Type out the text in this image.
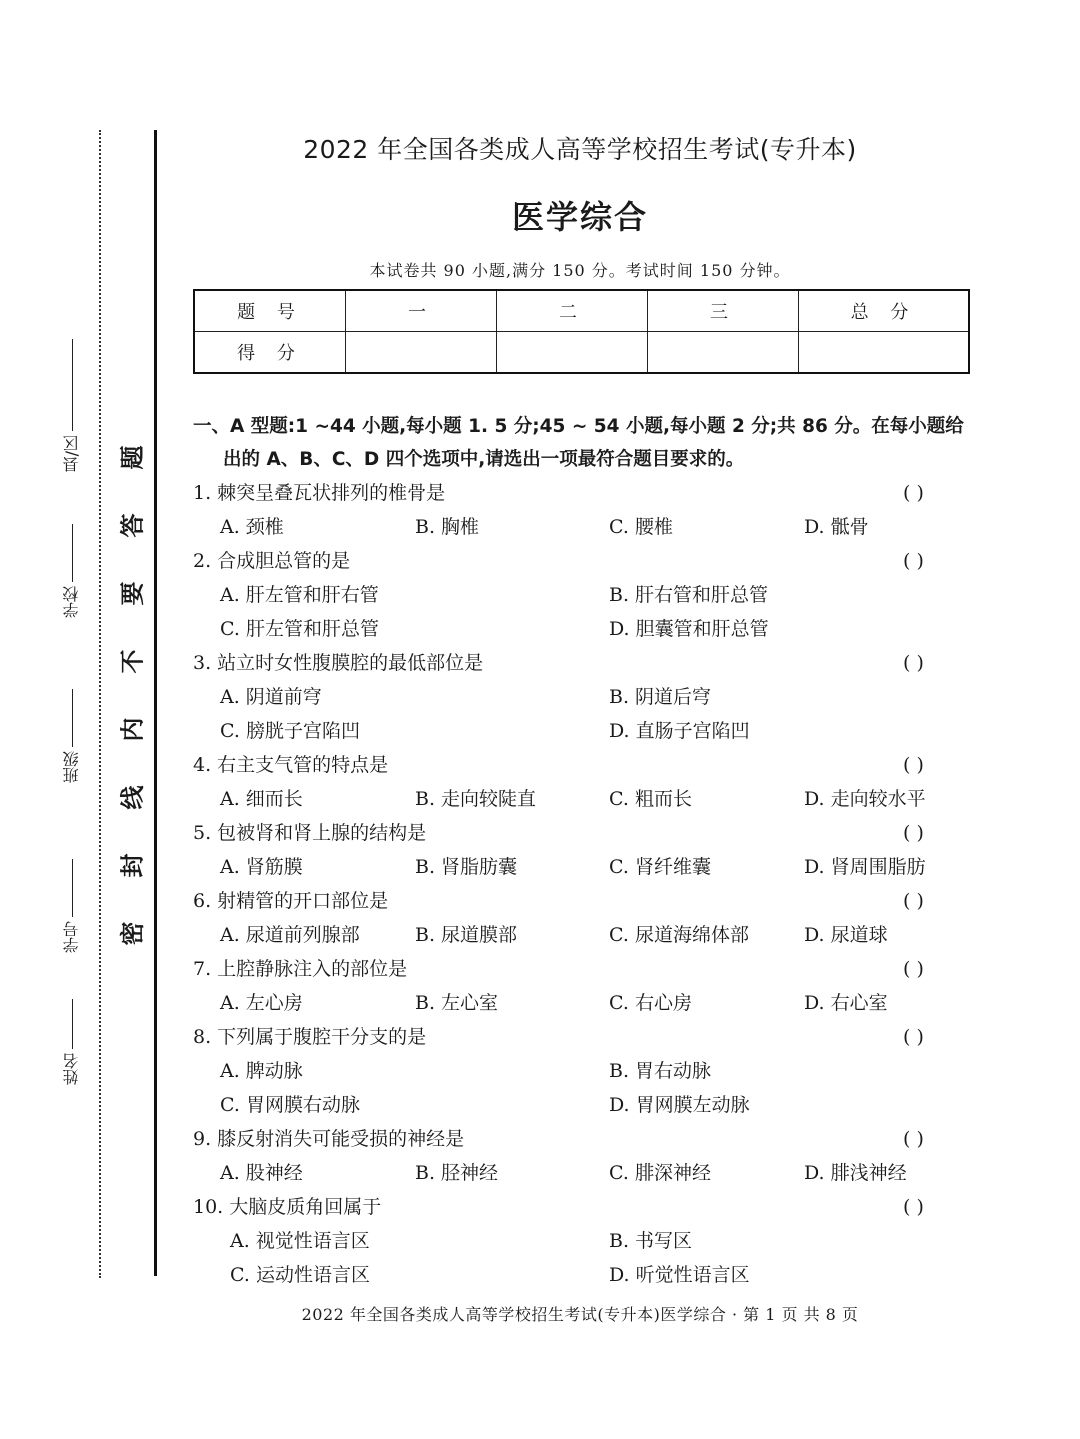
县/区
学校
班级
学号
姓名
题
答
要
不
内
线
封
密
2022 年全国各类成人高等学校招生考试(专升本)
医学综合
本试卷共 90 小题,满分 150 分。考试时间 150 分钟。
题 号	一	二	三	总 分
得 分				
一、A 型题:1 ~44 小题,每小题 1. 5 分;45 ~ 54 小题,每小题 2 分;共 86 分。在每小题给
出的 A、B、C、D 四个选项中,请选出一项最符合题目要求的。
1. 棘突呈叠瓦状排列的椎骨是	( )
A. 颈椎	B. 胸椎	C. 腰椎	D. 骶骨
2. 合成胆总管的是	( )
A. 肝左管和肝右管	B. 肝右管和肝总管
C. 肝左管和肝总管	D. 胆囊管和肝总管
3. 站立时女性腹膜腔的最低部位是	( )
A. 阴道前穹	B. 阴道后穹
C. 膀胱子宫陷凹	D. 直肠子宫陷凹
4. 右主支气管的特点是	( )
A. 细而长	B. 走向较陡直	C. 粗而长	D. 走向较水平
5. 包被肾和肾上腺的结构是	( )
A. 肾筋膜	B. 肾脂肪囊	C. 肾纤维囊	D. 肾周围脂肪
6. 射精管的开口部位是	( )
A. 尿道前列腺部	B. 尿道膜部	C. 尿道海绵体部	D. 尿道球
7. 上腔静脉注入的部位是	( )
A. 左心房	B. 左心室	C. 右心房	D. 右心室
8. 下列属于腹腔干分支的是	( )
A. 脾动脉	B. 胃右动脉
C. 胃网膜右动脉	D. 胃网膜左动脉
9. 膝反射消失可能受损的神经是	( )
A. 股神经	B. 胫神经	C. 腓深神经	D. 腓浅神经
10. 大脑皮质角回属于	( )
A. 视觉性语言区	B. 书写区
C. 运动性语言区	D. 听觉性语言区
2022 年全国各类成人高等学校招生考试(专升本)医学综合 · 第 1 页 共 8 页
